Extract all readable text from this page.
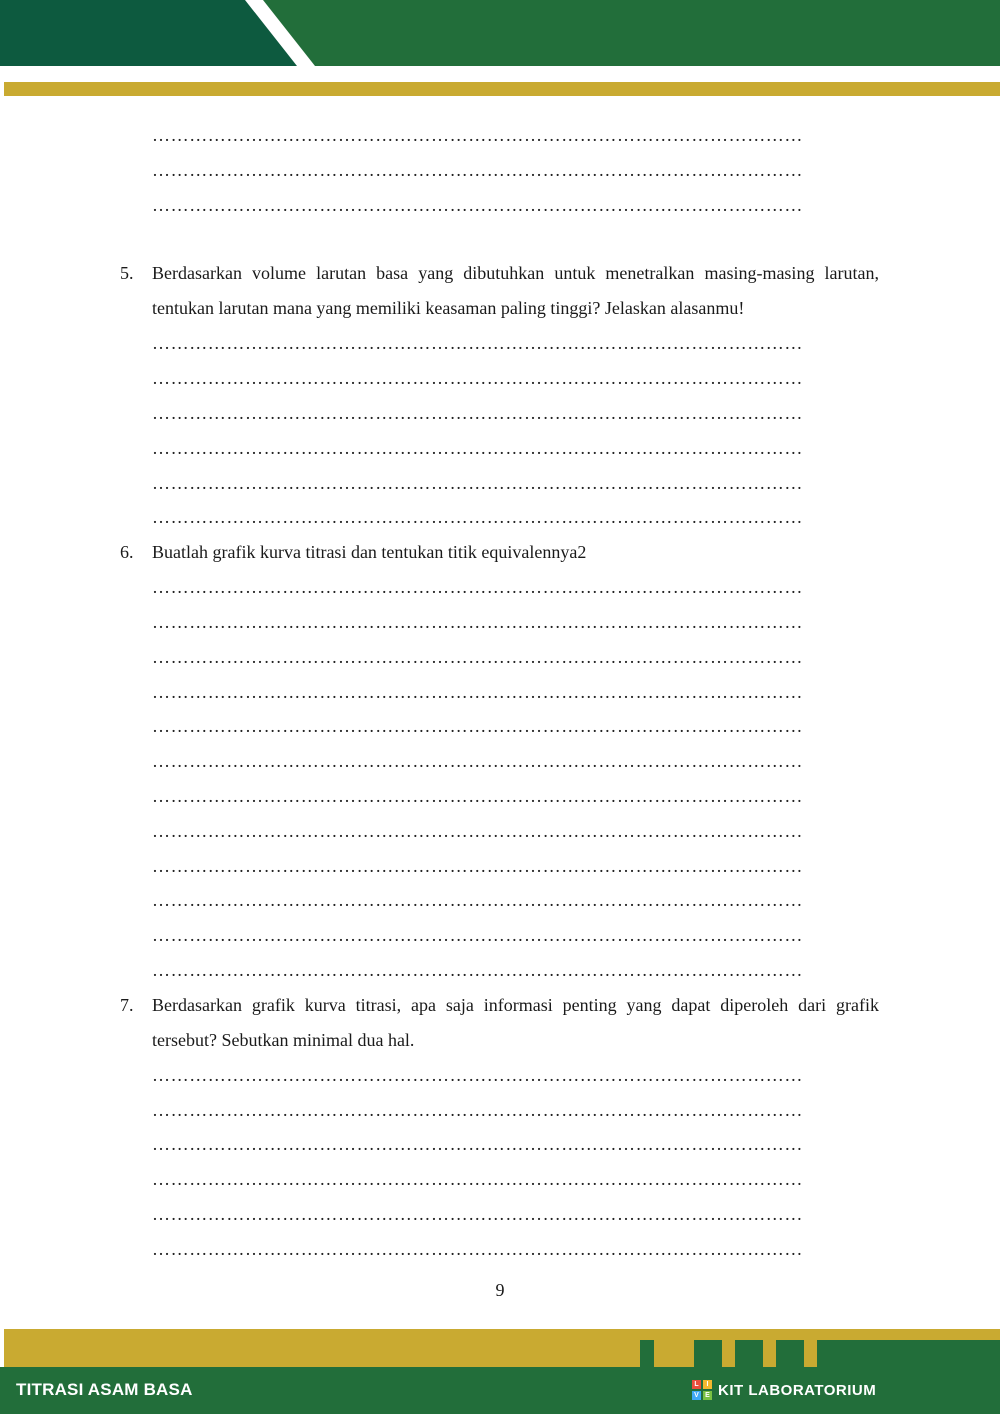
……………………………………………………………………………………………
……………………………………………………………………………………………
……………………………………………………………………………………………
5. Berdasarkan volume larutan basa yang dibutuhkan untuk menetralkan masing-masing larutan, tentukan larutan mana yang memiliki keasaman paling tinggi? Jelaskan alasanmu!
……………………………………………………………………………………………
……………………………………………………………………………………………
……………………………………………………………………………………………
……………………………………………………………………………………………
……………………………………………………………………………………………
……………………………………………………………………………………………
6. Buatlah grafik kurva titrasi dan tentukan titik equivalennya2
……………………………………………………………………………………………
……………………………………………………………………………………………
……………………………………………………………………………………………
……………………………………………………………………………………………
……………………………………………………………………………………………
……………………………………………………………………………………………
……………………………………………………………………………………………
……………………………………………………………………………………………
……………………………………………………………………………………………
……………………………………………………………………………………………
……………………………………………………………………………………………
……………………………………………………………………………………………
7. Berdasarkan grafik kurva titrasi, apa saja informasi penting yang dapat diperoleh dari grafik tersebut? Sebutkan minimal dua hal.
……………………………………………………………………………………………
……………………………………………………………………………………………
……………………………………………………………………………………………
……………………………………………………………………………………………
……………………………………………………………………………………………
……………………………………………………………………………………………
9
TITRASI ASAM BASA	L	I
V E KIT LABORATORIUM
